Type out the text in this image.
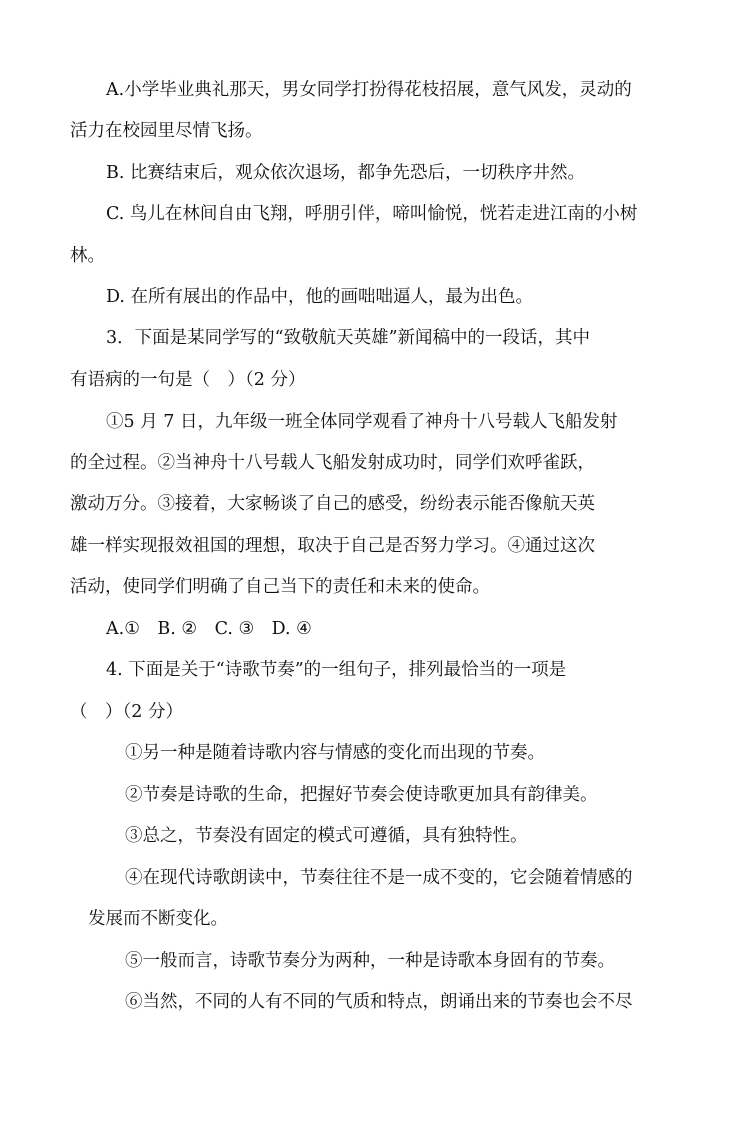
A.小学毕业典礼那天，男女同学打扮得花枝招展，意气风发，灵动的
活力在校园里尽情飞扬。
B. 比赛结束后，观众依次退场，都争先恐后，一切秩序井然。
C. 鸟儿在林间自由飞翔，呼朋引伴，啼叫愉悦，恍若走进江南的小树
林。
D. 在所有展出的作品中，他的画咄咄逼人，最为出色。
3．下面是某同学写的“致敬航天英雄”新闻稿中的一段话，其中
有语病的一句是（　）（2 分）
①5 月 7 日，九年级一班全体同学观看了神舟十八号载人飞船发射
的全过程。②当神舟十八号载人飞船发射成功时，同学们欢呼雀跃，
激动万分。③接着，大家畅谈了自己的感受，纷纷表示能否像航天英
雄一样实现报效祖国的理想，取决于自己是否努力学习。④通过这次
活动，使同学们明确了自己当下的责任和未来的使命。
A.①　B. ②　C. ③　D. ④
4. 下面是关于“诗歌节奏”的一组句子，排列最恰当的一项是
（　）（2 分）
①另一种是随着诗歌内容与情感的变化而出现的节奏。
②节奏是诗歌的生命，把握好节奏会使诗歌更加具有韵律美。
③总之，节奏没有固定的模式可遵循，具有独特性。
④在现代诗歌朗读中，节奏往往不是一成不变的，它会随着情感的
发展而不断变化。
⑤一般而言，诗歌节奏分为两种，一种是诗歌本身固有的节奏。
⑥当然，不同的人有不同的气质和特点，朗诵出来的节奏也会不尽
